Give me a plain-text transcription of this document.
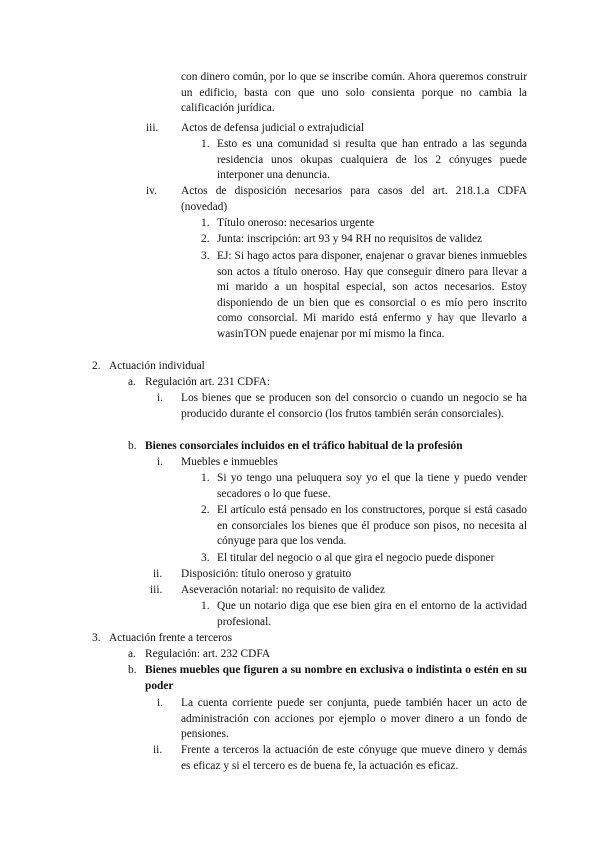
con dinero común, por lo que se inscribe común. Ahora queremos construir un edificio, basta con que uno solo consienta porque no cambia la calificación jurídica.
iii. Actos de defensa judicial o extrajudicial
1. Esto es una comunidad si resulta que han entrado a las segunda residencia unos okupas cualquiera de los 2 cónyuges puede interponer una denuncia.
iv. Actos de disposición necesarios para casos del art. 218.1.a CDFA (novedad)
1. Título oneroso: necesarios urgente
2. Junta: inscripción: art 93 y 94 RH no requisitos de validez
3. EJ: Si hago actos para disponer, enajenar o gravar bienes inmuebles son actos a título oneroso. Hay que conseguir dinero para llevar a mi marido a un hospital especial, son actos necesarios. Estoy disponiendo de un bien que es consorcial o es mío pero inscrito como consorcial. Mi marido está enfermo y hay que llevarlo a wasinTON puede enajenar por mí mismo la finca.
2. Actuación individual
a. Regulación art. 231 CDFA:
i. Los bienes que se producen son del consorcio o cuando un negocio se ha producido durante el consorcio (los frutos también serán consorciales).
b. Bienes consorciales incluidos en el tráfico habitual de la profesión
i. Muebles e inmuebles
1. Si yo tengo una peluquera soy yo el que la tiene y puedo vender secadores o lo que fuese.
2. El artículo está pensado en los constructores, porque si está casado en consorciales los bienes que él produce son pisos, no necesita al cónyuge para que los venda.
3. El titular del negocio o al que gira el negocio puede disponer
ii. Disposición: título oneroso y gratuito
iii. Aseveración notarial: no requisito de validez
1. Que un notario diga que ese bien gira en el entorno de la actividad profesional.
3. Actuación frente a terceros
a. Regulación: art. 232 CDFA
b. Bienes muebles que figuren a su nombre en exclusiva o indistinta o estén en su poder
i. La cuenta corriente puede ser conjunta, puede también hacer un acto de administración con acciones por ejemplo o mover dinero a un fondo de pensiones.
ii. Frente a terceros la actuación de este cónyuge que mueve dinero y demás es eficaz y si el tercero es de buena fe, la actuación es eficaz.
